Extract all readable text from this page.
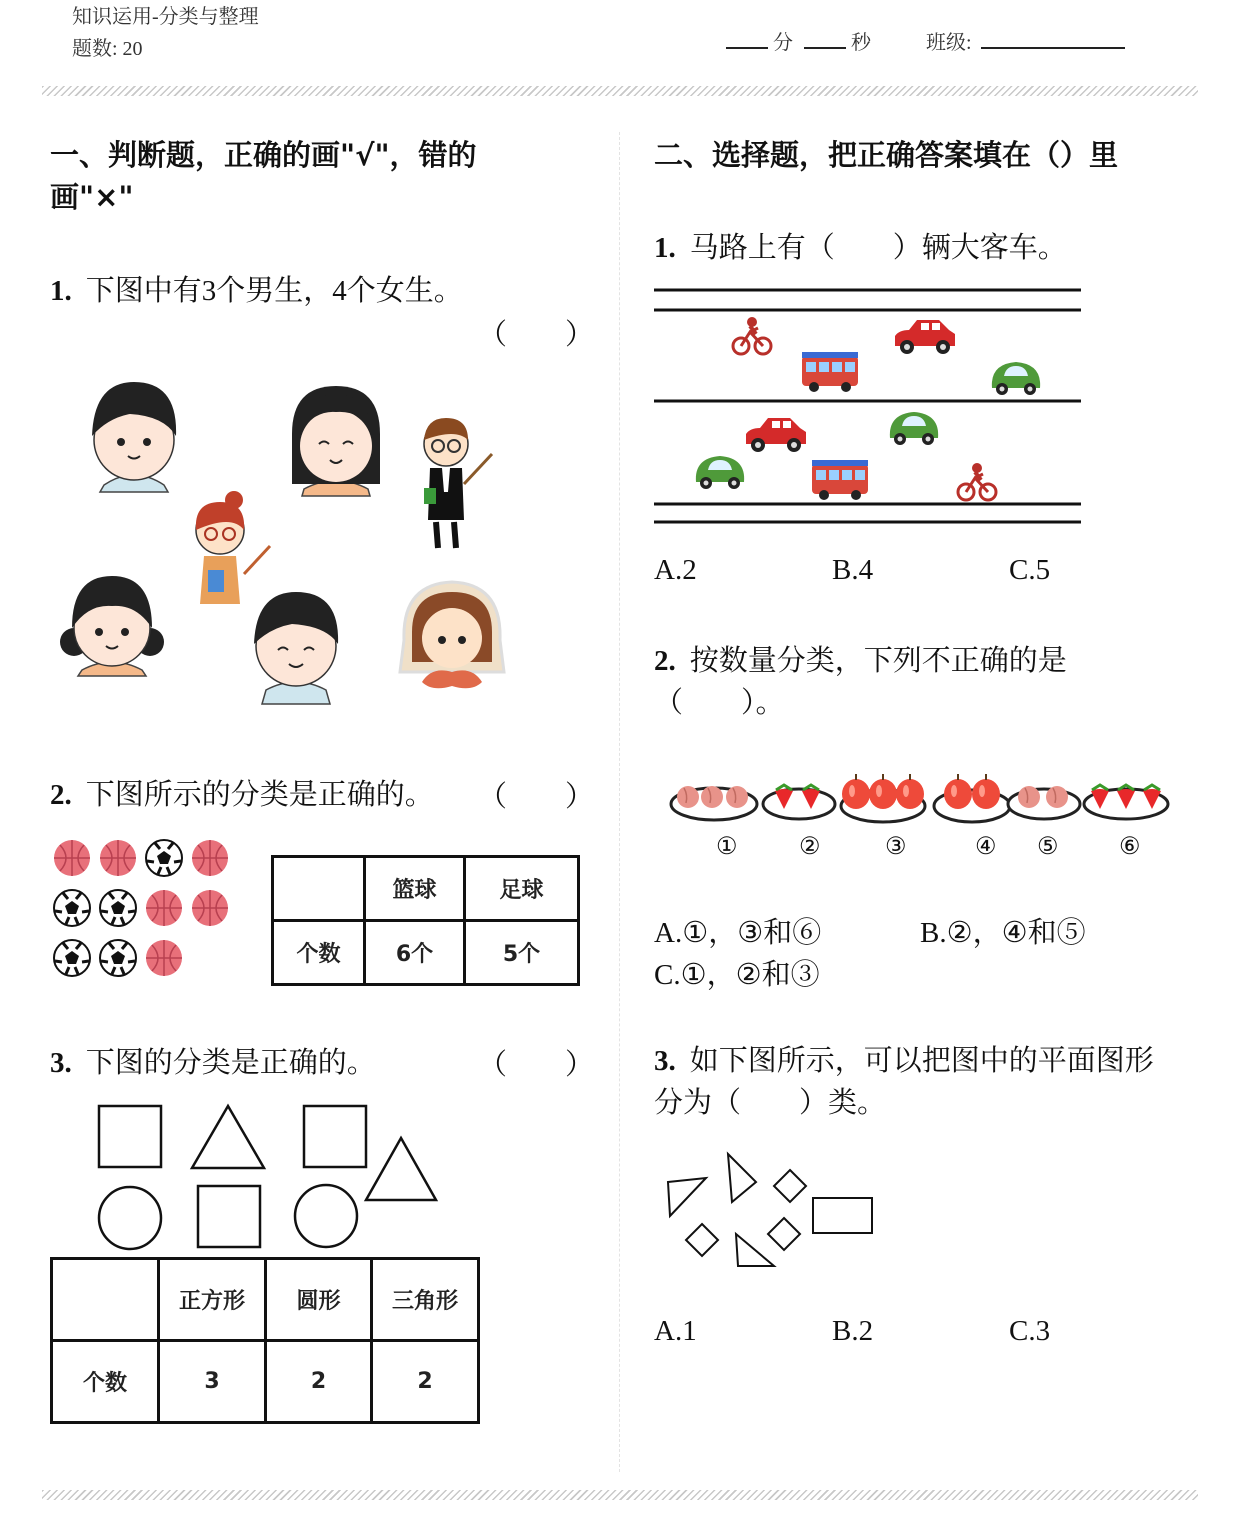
知识运用-分类与整理
题数: 20	分	秒	班级:
一、判断题，正确的画"√"，错的画"×"
1. 下图中有3个男生，4个女生。
（　　）
2. 下图所示的分类是正确的。 （　　）
	篮球	足球
个数	6个	5个
3. 下图的分类是正确的。	（　　）
	正方形	圆形	三角形
个数	3	2	2
二、选择题，把正确答案填在（）里
1. 马路上有（　　）辆大客车。
A.2	B.4	C.5
2. 按数量分类，下列不正确的是（　　）。
①	②	③	④ ⑤	⑥
A.①，③和⑥	B.②，④和⑤
C.①，②和③
3. 如下图所示，可以把图中的平面图形分为（　　）类。
A.1	B.2	C.3
